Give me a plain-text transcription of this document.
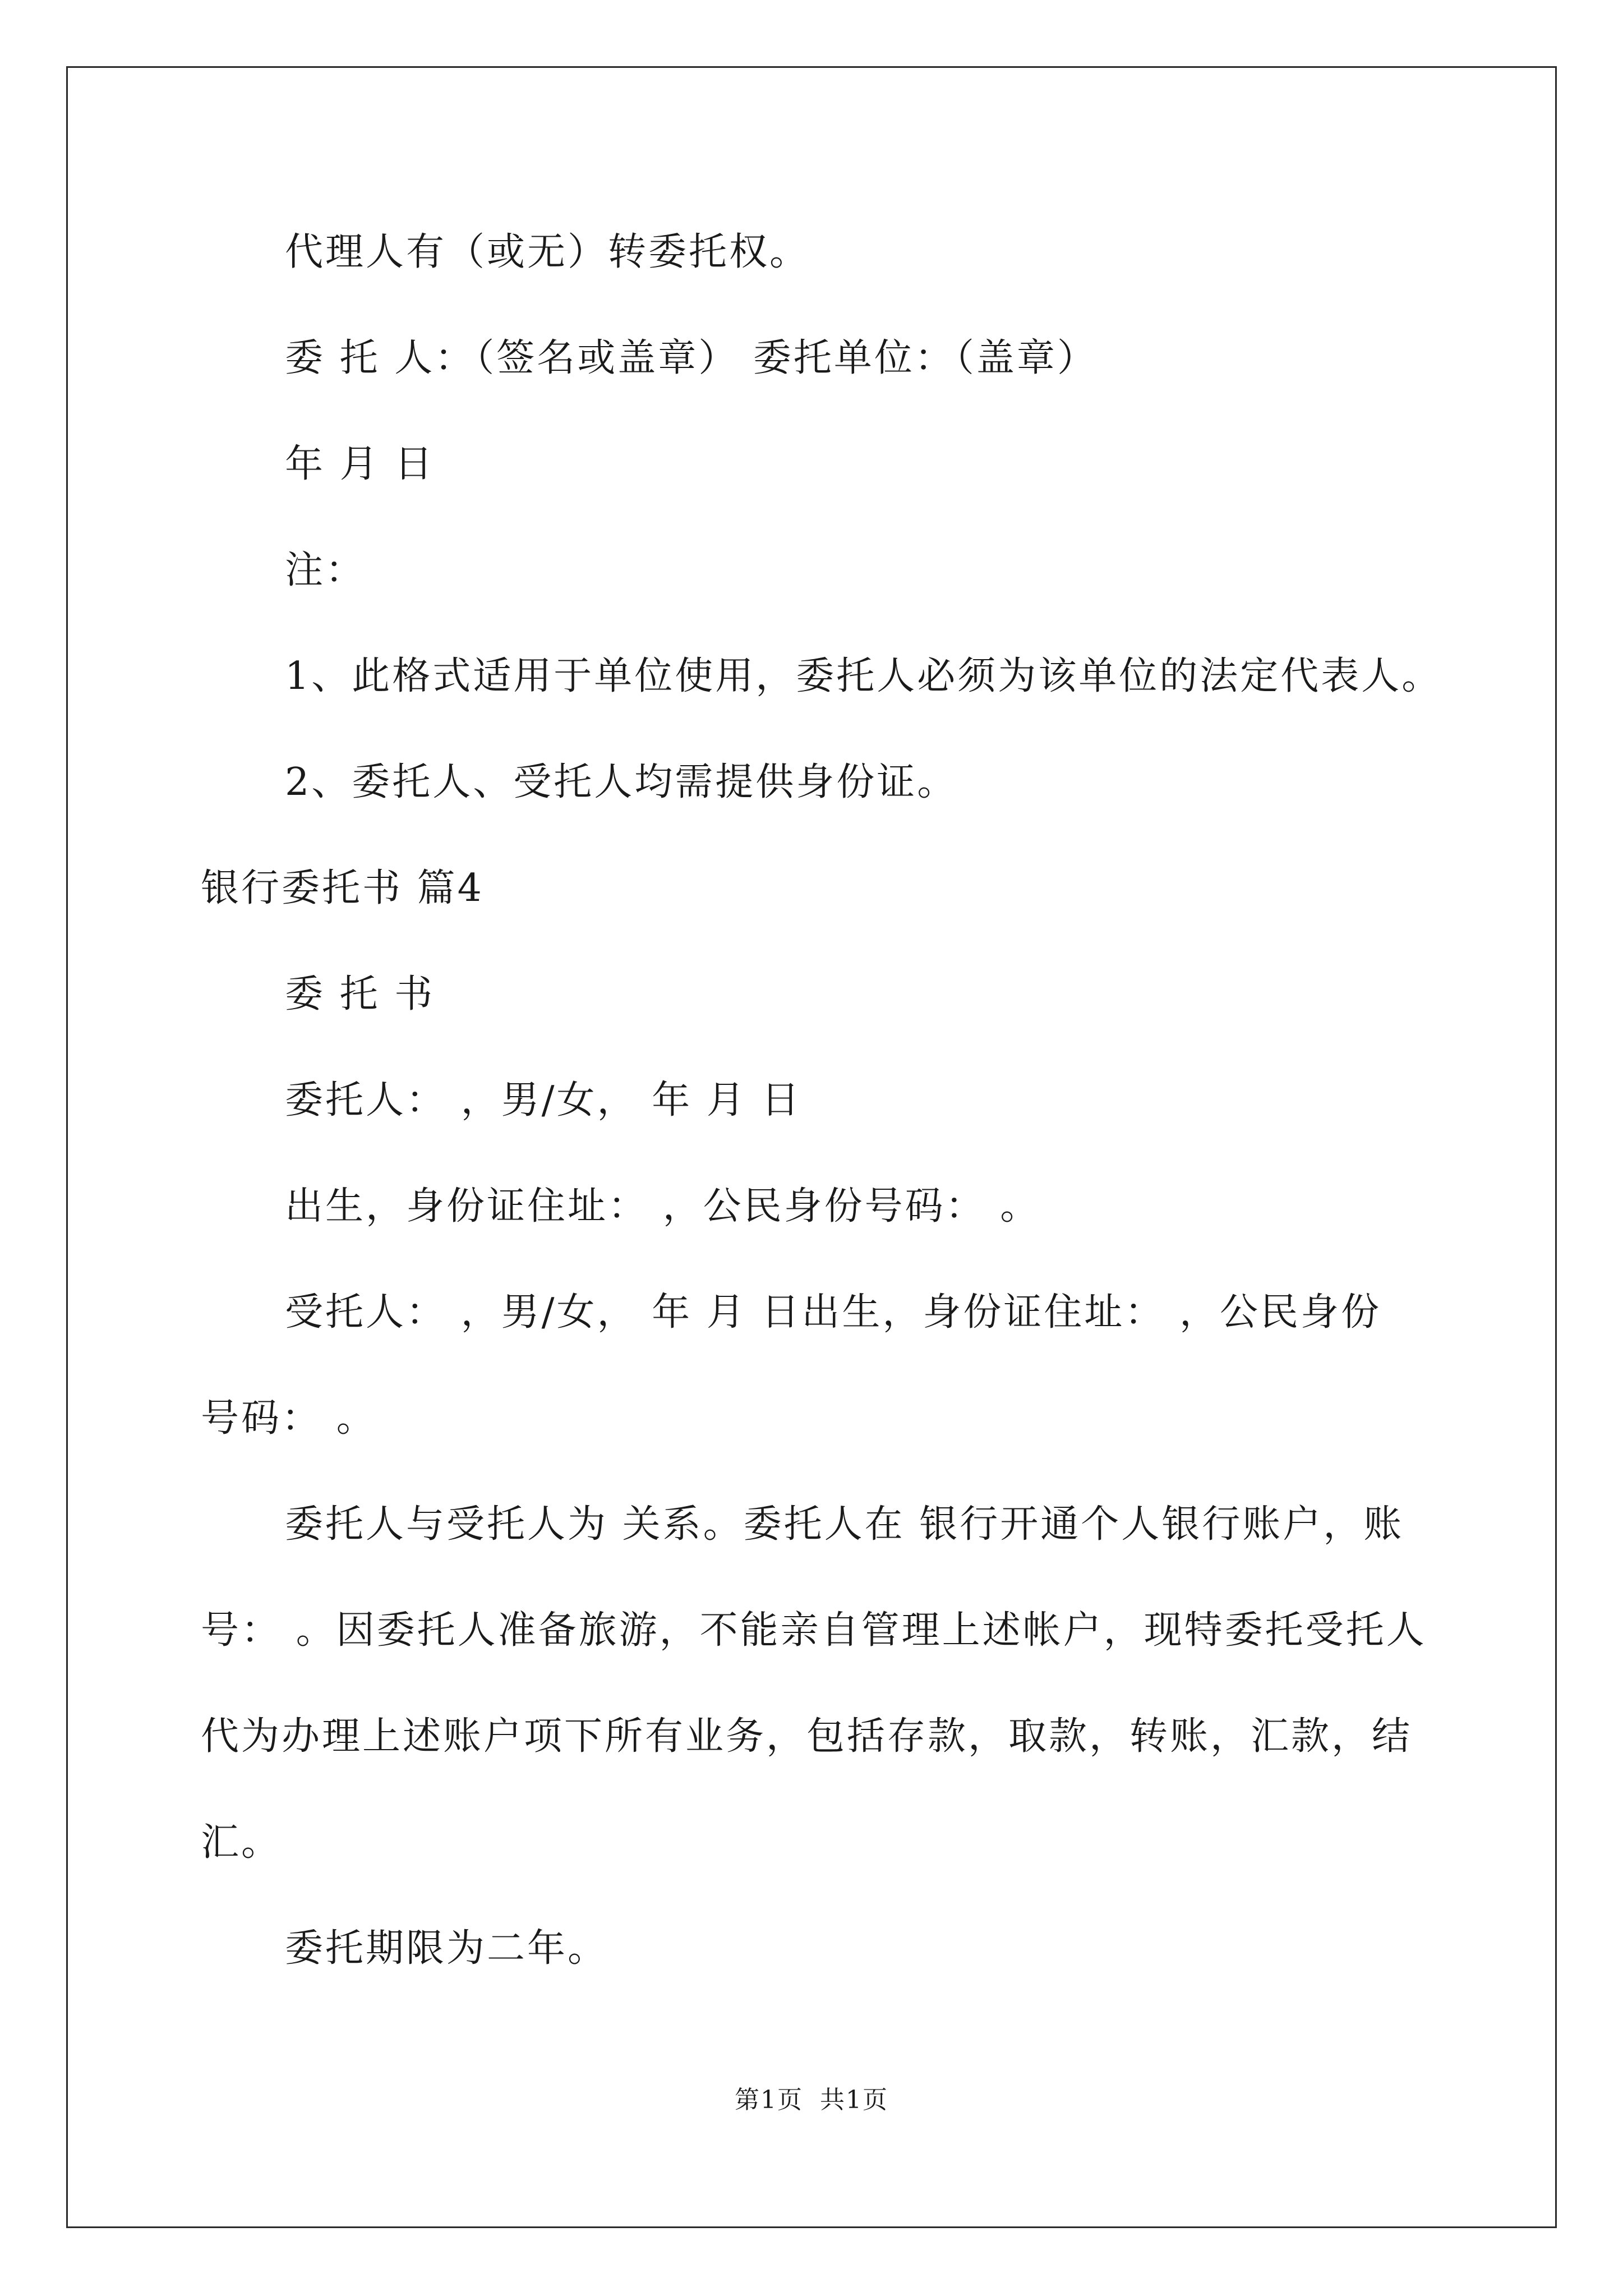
代理人有（或无）转委托权。
委 托 人：（签名或盖章） 委托单位：（盖章）
年 月 日
注：
1、此格式适用于单位使用，委托人必须为该单位的法定代表人。
2、委托人、受托人均需提供身份证。
银行委托书 篇4
委 托 书
委托人： ，男/女， 年 月 日
出生，身份证住址： ，公民身份号码： 。
受托人： ，男/女， 年 月 日出生，身份证住址： ，公民身份
号码： 。
委托人与受托人为 关系。委托人在 银行开通个人银行账户，账
号： 。因委托人准备旅游，不能亲自管理上述帐户，现特委托受托人
代为办理上述账户项下所有业务，包括存款，取款，转账，汇款，结
汇。
委托期限为二年。
第1页 共1页
